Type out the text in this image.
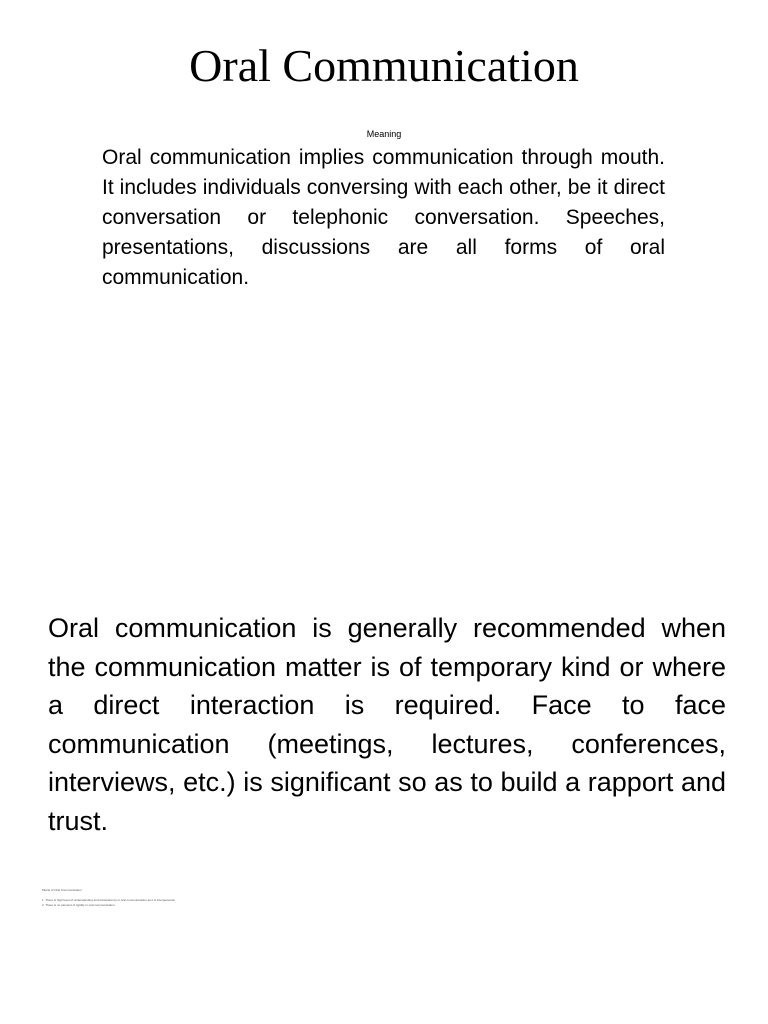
Oral Communication
Meaning

Oral communication implies communication through mouth. It includes individuals conversing with each other, be it direct conversation or telephonic conversation. Speeches, presentations, discussions are all forms of oral communication.

Oral communication is generally recommended when the communication matter is of temporary kind or where a direct interaction is required. Face to face communication (meetings, lectures, conferences, interviews, etc.) is significant so as to build a rapport and trust.

Merits of Oral Communication
1. There is high level of understanding and transparency in oral communication as it is interpersonal.
2. There is no element of rigidity in oral communication.
